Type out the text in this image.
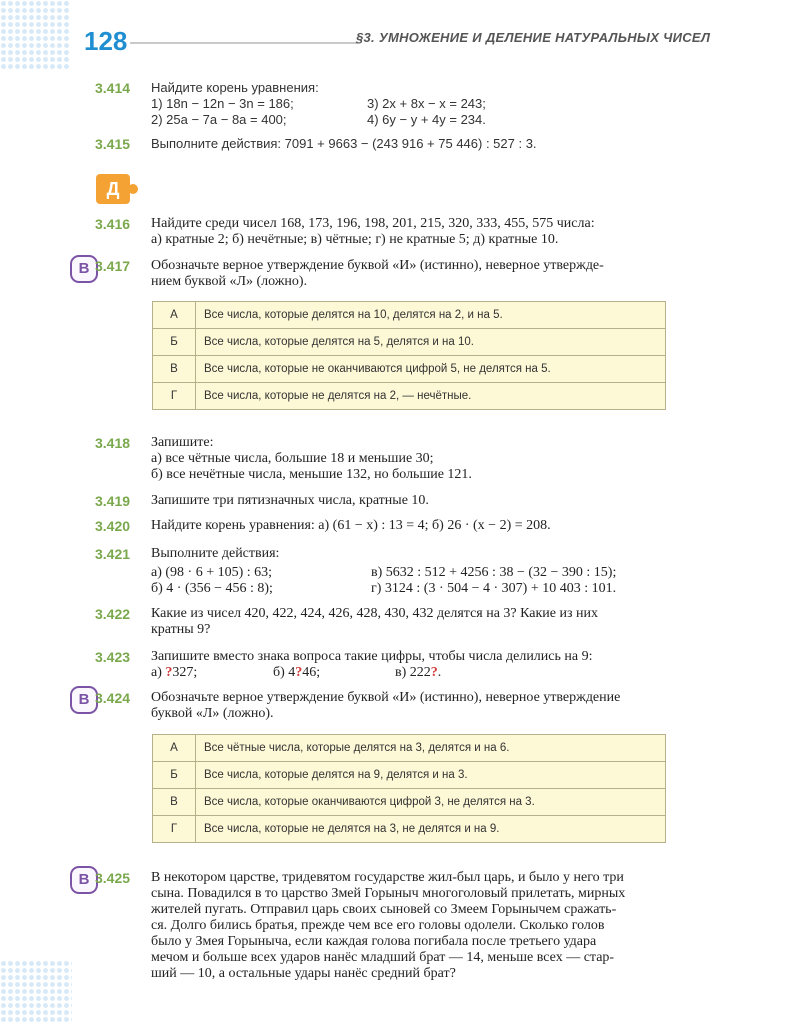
128	§3. УМНОЖЕНИЕ И ДЕЛЕНИЕ НАТУРАЛЬНЫХ ЧИСЕЛ
3.414 Найдите корень уравнения:
1) 18n − 12n − 3n = 186;	3) 2x + 8x − x = 243;
2) 25a − 7a − 8a = 400;	4) 6y − y + 4y = 234.
3.415 Выполните действия: 7091 + 9663 − (243 916 + 75 446) : 527 : 3.
Д
3.416 Найдите среди чисел 168, 173, 196, 198, 201, 215, 320, 333, 455, 575 числа:
а) кратные 2; б) нечётные; в) чётные; г) не кратные 5; д) кратные 10.
В 3.417 Обозначьте верное утверждение буквой «И» (истинно), неверное утвержде-
нием буквой «Л» (ложно).
А	Все числа, которые делятся на 10, делятся на 2, и на 5.
Б	Все числа, которые делятся на 5, делятся и на 10.
В	Все числа, которые не оканчиваются цифрой 5, не делятся на 5.
Г	Все числа, которые не делятся на 2, — нечётные.
3.418 Запишите:
а) все чётные числа, большие 18 и меньшие 30;
б) все нечётные числа, меньшие 132, но большие 121.
3.419 Запишите три пятизначных числа, кратные 10.
3.420 Найдите корень уравнения: а) (61 − x) : 13 = 4; б) 26 · (x − 2) = 208.
3.421 Выполните действия:
а) (98 · 6 + 105) : 63;	в) 5632 : 512 + 4256 : 38 − (32 − 390 : 15);
б) 4 · (356 − 456 : 8);	г) 3124 : (3 · 504 − 4 · 307) + 10 403 : 101.
3.422 Какие из чисел 420, 422, 424, 426, 428, 430, 432 делятся на 3? Какие из них
кратны 9?
3.423 Запишите вместо знака вопроса такие цифры, чтобы числа делились на 9:
а) ?327;	б) 4?46;	в) 222?.
В 3.424 Обозначьте верное утверждение буквой «И» (истинно), неверное утверждение
буквой «Л» (ложно).
А	Все чётные числа, которые делятся на 3, делятся и на 6.
Б	Все числа, которые делятся на 9, делятся и на 3.
В	Все числа, которые оканчиваются цифрой 3, не делятся на 3.
Г	Все числа, которые не делятся на 3, не делятся и на 9.
В 3.425 В некотором царстве, тридевятом государстве жил-был царь, и было у него три
сына. Повадился в то царство Змей Горыныч многоголовый прилетать, мирных
жителей пугать. Отправил царь своих сыновей со Змеем Горынычем сражать-
ся. Долго бились братья, прежде чем все его головы одолели. Сколько голов
было у Змея Горыныча, если каждая голова погибала после третьего удара
мечом и больше всех ударов нанёс младший брат — 14, меньше всех — стар-
ший — 10, а остальные удары нанёс средний брат?
